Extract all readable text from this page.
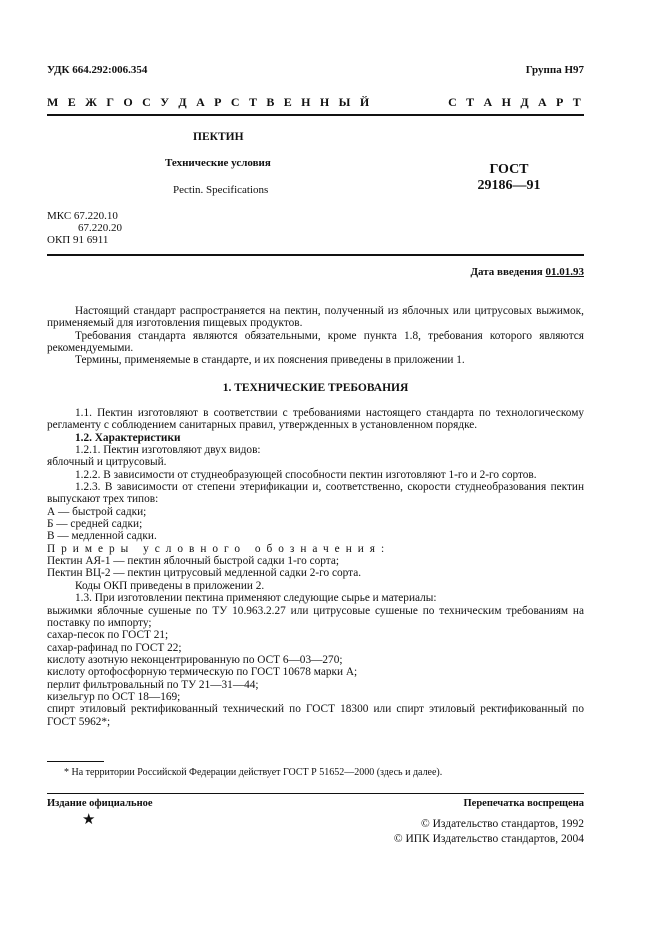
УДК 664.292:006.354	Группа Н97
М Е Ж Г О С У Д А Р С Т В Е Н Н Ы Й	С Т А Н Д А Р Т
ПЕКТИН
Технические условия
Pectin. Specifications
ГОСТ
29186—91
МКС 67.220.10
67.220.20
ОКП 91 6911
Дата введения 01.01.93

Настоящий стандарт распространяется на пектин, полученный из яблочных или цитрусовых выжимок, применяемый для изготовления пищевых продуктов.

Требования стандарта являются обязательными, кроме пункта 1.8, требования которого являются рекомендуемыми.

Термины, применяемые в стандарте, и их пояснения приведены в приложении 1.

1. ТЕХНИЧЕСКИЕ ТРЕБОВАНИЯ

1.1. Пектин изготовляют в соответствии с требованиями настоящего стандарта по технологическому регламенту с соблюдением санитарных правил, утвержденных в установленном порядке.

1.2. Характеристики

1.2.1. Пектин изготовляют двух видов:

яблочный и цитрусовый.

1.2.2. В зависимости от студнеобразующей способности пектин изготовляют 1-го и 2-го сортов.

1.2.3. В зависимости от степени этерификации и, соответственно, скорости студнеобразования пектин выпускают трех типов:

А — быстрой садки;

Б — средней садки;

В — медленной садки.

Примеры условного обозначения:

Пектин АЯ-1 — пектин яблочный быстрой садки 1-го сорта;

Пектин ВЦ-2 — пектин цитрусовый медленной садки 2-го сорта.

Коды ОКП приведены в приложении 2.

1.3. При изготовлении пектина применяют следующие сырье и материалы:

выжимки яблочные сушеные по ТУ 10.963.2.27 или цитрусовые сушеные по техническим требованиям на поставку по импорту;

сахар-песок по ГОСТ 21;

сахар-рафинад по ГОСТ 22;

кислоту азотную неконцентрированную по ОСТ 6—03—270;

кислоту ортофосфорную термическую по ГОСТ 10678 марки А;

перлит фильтровальный по ТУ 21—31—44;

кизельгур по ОСТ 18—169;

спирт этиловый ректификованный технический по ГОСТ 18300 или спирт этиловый ректификованный по ГОСТ 5962*;

* На территории Российской Федерации действует ГОСТ Р 51652—2000 (здесь и далее).
Издание официальное	Перепечатка воспрещена
★	© Издательство стандартов, 1992
© ИПК Издательство стандартов, 2004
